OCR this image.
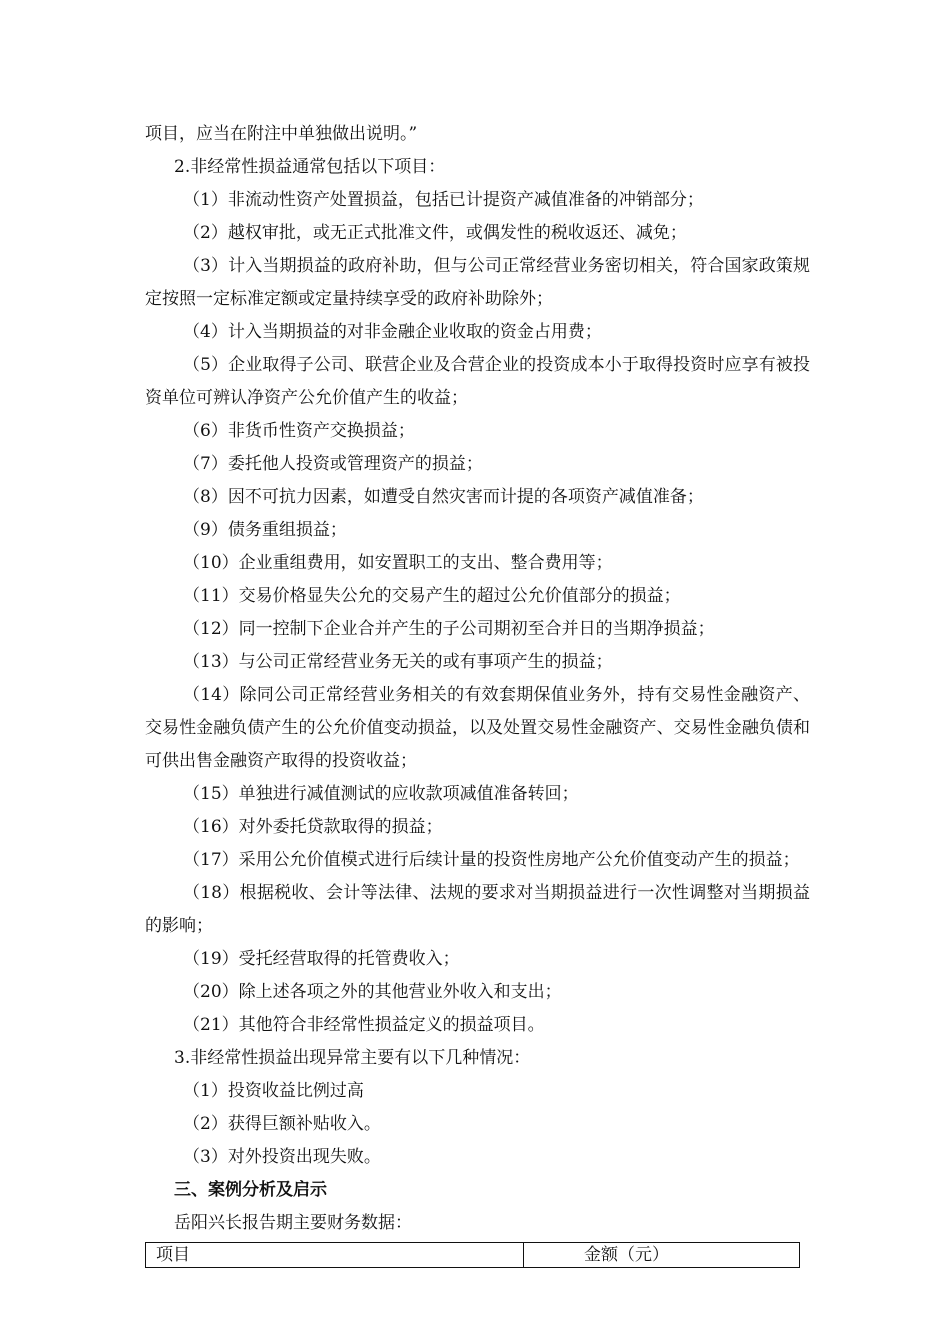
项目，应当在附注中单独做出说明。”

2.非经常性损益通常包括以下项目：

（1）非流动性资产处置损益，包括已计提资产减值准备的冲销部分；

（2）越权审批，或无正式批准文件，或偶发性的税收返还、减免；

（3）计入当期损益的政府补助，但与公司正常经营业务密切相关，符合国家政策规定按照一定标准定额或定量持续享受的政府补助除外；

（4）计入当期损益的对非金融企业收取的资金占用费；

（5）企业取得子公司、联营企业及合营企业的投资成本小于取得投资时应享有被投资单位可辨认净资产公允价值产生的收益；

（6）非货币性资产交换损益；

（7）委托他人投资或管理资产的损益；

（8）因不可抗力因素，如遭受自然灾害而计提的各项资产减值准备；

（9）债务重组损益；

（10）企业重组费用，如安置职工的支出、整合费用等；

（11）交易价格显失公允的交易产生的超过公允价值部分的损益；

（12）同一控制下企业合并产生的子公司期初至合并日的当期净损益；

（13）与公司正常经营业务无关的或有事项产生的损益；

（14）除同公司正常经营业务相关的有效套期保值业务外，持有交易性金融资产、交易性金融负债产生的公允价值变动损益，以及处置交易性金融资产、交易性金融负债和可供出售金融资产取得的投资收益；

（15）单独进行减值测试的应收款项减值准备转回；

（16）对外委托贷款取得的损益；

（17）采用公允价值模式进行后续计量的投资性房地产公允价值变动产生的损益；

（18）根据税收、会计等法律、法规的要求对当期损益进行一次性调整对当期损益的影响；

（19）受托经营取得的托管费收入；

（20）除上述各项之外的其他营业外收入和支出；

（21）其他符合非经常性损益定义的损益项目。

3.非经常性损益出现异常主要有以下几种情况：

（1）投资收益比例过高

（2）获得巨额补贴收入。

（3）对外投资出现失败。

三、案例分析及启示

岳阳兴长报告期主要财务数据：

项目	金额（元）
